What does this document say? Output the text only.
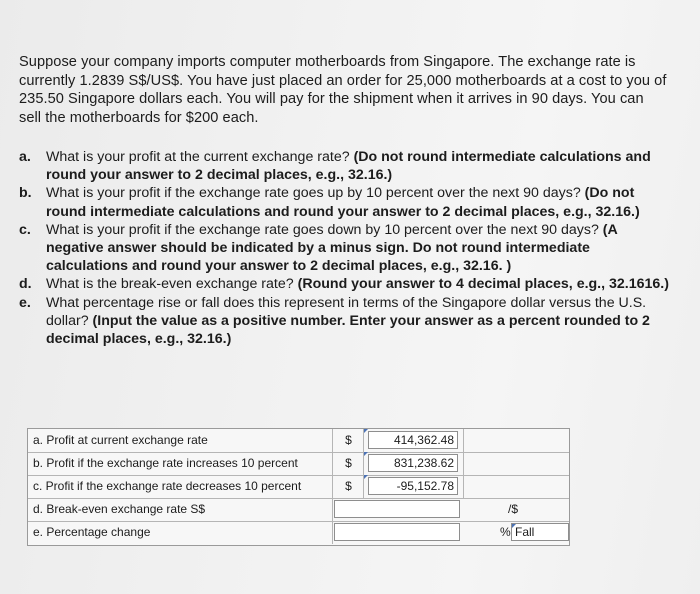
Suppose your company imports computer motherboards from Singapore. The exchange rate is currently 1.2839 S$/US$. You have just placed an order for 25,000 motherboards at a cost to you of 235.50 Singapore dollars each. You will pay for the shipment when it arrives in 90 days. You can sell the motherboards for $200 each.
a.	What is your profit at the current exchange rate? (Do not round intermediate calculations and round your answer to 2 decimal places, e.g., 32.16.)
b.	What is your profit if the exchange rate goes up by 10 percent over the next 90 days? (Do not round intermediate calculations and round your answer to 2 decimal places, e.g., 32.16.)
c.	What is your profit if the exchange rate goes down by 10 percent over the next 90 days? (A negative answer should be indicated by a minus sign. Do not round intermediate calculations and round your answer to 2 decimal places, e.g., 32.16. )
d.	What is the break-even exchange rate? (Round your answer to 4 decimal places, e.g., 32.1616.)
e.	What percentage rise or fall does this represent in terms of the Singapore dollar versus the U.S. dollar? (Input the value as a positive number. Enter your answer as a percent rounded to 2 decimal places, e.g., 32.16.)
a. Profit at current exchange rate	$	414,362.48
b. Profit if the exchange rate increases 10 percent	$	831,238.62
c. Profit if the exchange rate decreases 10 percent	$	-95,152.78
d. Break-even exchange rate S$	/$
e. Percentage change	% Fall
